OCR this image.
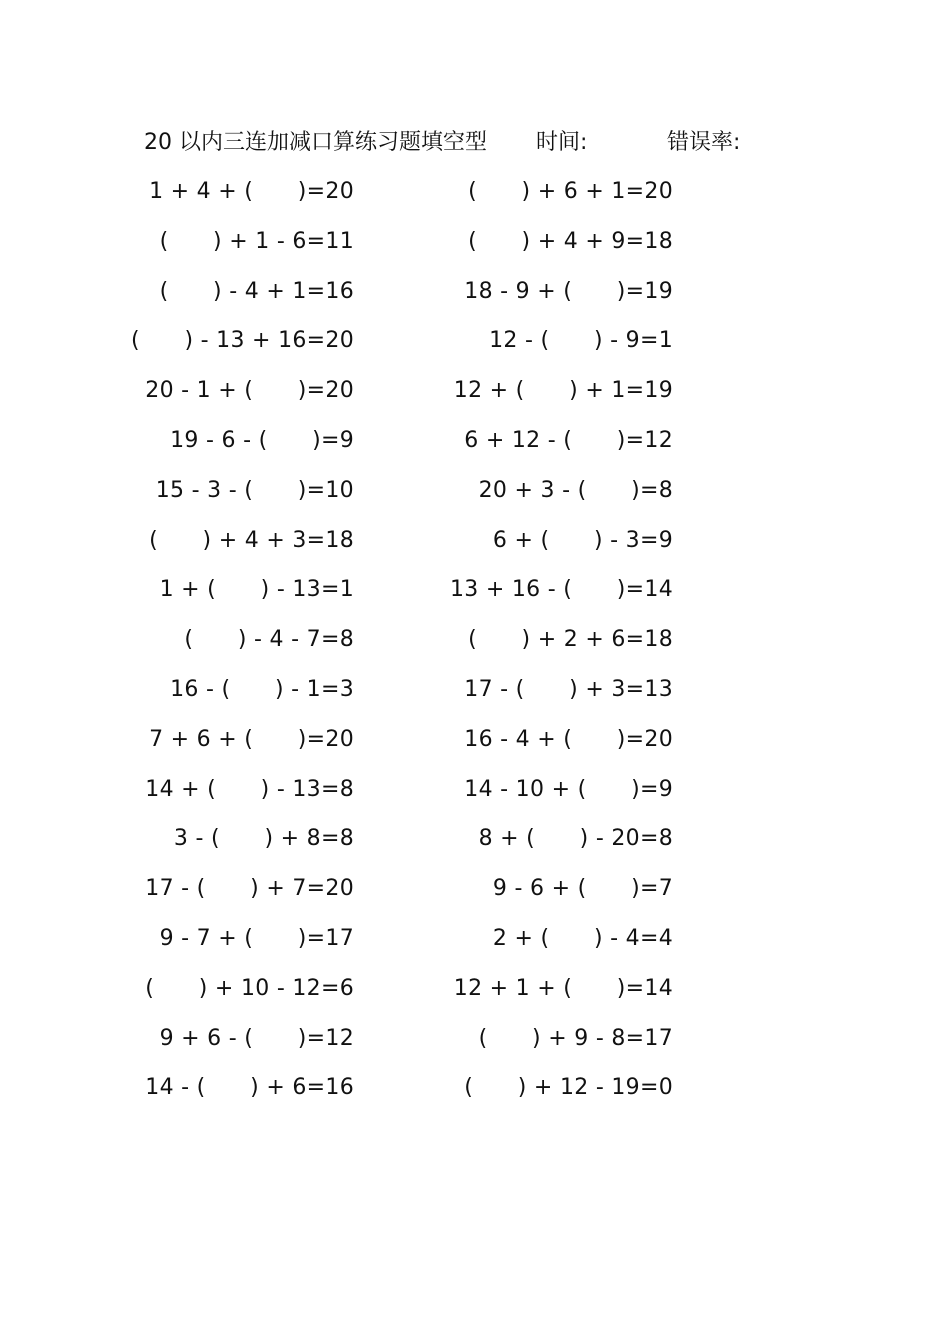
20 以内三连加减口算练习题填空型

时间:

	错误率:

1 + 4 + (　　)=20	(　　) + 6 + 1=20
(　　) + 1 - 6=11	(　　) + 4 + 9=18
(　　) - 4 + 1=16	18 - 9 + (　　)=19
(　　) - 13 + 16=20	12 - (　　) - 9=1
20 - 1 + (　　)=20	12 + (　　) + 1=19
19 - 6 - (　　)=9	6 + 12 - (　　)=12
15 - 3 - (　　)=10	20 + 3 - (　　)=8
(　　) + 4 + 3=18	6 + (　　) - 3=9
1 + (　　) - 13=1	13 + 16 - (　　)=14
(　　) - 4 - 7=8	(　　) + 2 + 6=18
16 - (　　) - 1=3	17 - (　　) + 3=13
7 + 6 + (　　)=20	16 - 4 + (　　)=20
14 + (　　) - 13=8	14 - 10 + (　　)=9
3 - (　　) + 8=8	8 + (　　) - 20=8
17 - (　　) + 7=20	9 - 6 + (　　)=7
9 - 7 + (　　)=17	2 + (　　) - 4=4
(　　) + 10 - 12=6	12 + 1 + (　　)=14
9 + 6 - (　　)=12	(　　) + 9 - 8=17
14 - (　　) + 6=16	(　　) + 12 - 19=0
